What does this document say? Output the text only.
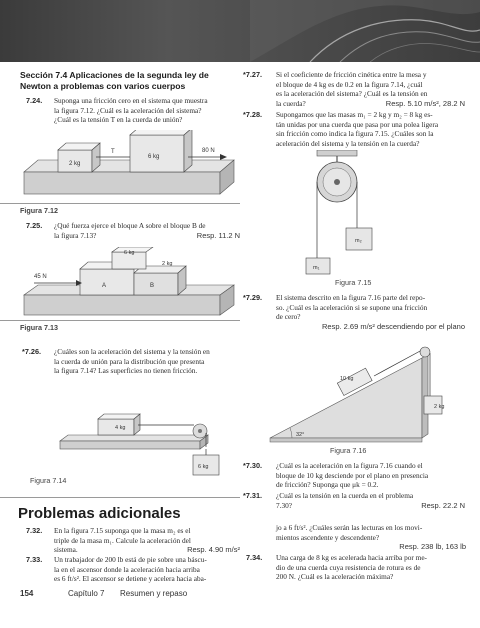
Sección 7.4 Aplicaciones de la segunda ley de
Newton a problemas con varios cuerpos
7.24. Suponga una fricción cero en el sistema que muestra
la figura 7.12. ¿Cuál es la aceleración del sistema?
¿Cuál es la tensión T en la cuerda de unión?
2 kg
6 kg
T	80 N
Figura 7.12
7.25. ¿Qué fuerza ejerce el bloque A sobre el bloque B de
la figura 7.13?	Resp. 11.2 N
45 N
6 kg
2 kg
A	B
Figura 7.13
*7.26. ¿Cuáles son la aceleración del sistema y la tensión en
la cuerda de unión para la distribución que presenta
la figura 7.14? Las superficies no tienen fricción.
4 kg
6 kg
Figura 7.14
*7.27. Si el coeficiente de fricción cinética entre la mesa y
el bloque de 4 kg es de 0.2 en la figura 7.14, ¿cuál
es la aceleración del sistema? ¿Cuál es la tensión en
la cuerda?	Resp. 5.10 m/s², 28.2 N
*7.28. Supongamos que las masas m₁ = 2 kg y m₂ = 8 kg es-
tán unidas por una cuerda que pasa por una polea ligera
sin fricción como indica la figura 7.15. ¿Cuáles son la
aceleración del sistema y la tensión en la cuerda?
m₂
m₁
Figura 7.15
*7.29. El sistema descrito en la figura 7.16 parte del repo-
so. ¿Cuál es la aceleración si se supone una fricción
de cero?
Resp. 2.69 m/s² descendiendo por el plano
10 kg
2 kg
32°
Figura 7.16
*7.30. ¿Cuál es la aceleración en la figura 7.16 cuando el
bloque de 10 kg desciende por el plano en presencia
de fricción? Suponga que μk = 0.2.
*7.31. ¿Cuál es la tensión en la cuerda en el problema
7.30?	Resp. 22.2 N
Problemas adicionales
7.32. En la figura 7.15 suponga que la masa m₂ es el
triple de la masa m₁. Calcule la aceleración del
sistema.	Resp. 4.90 m/s²
7.33. Un trabajador de 200 lb está de pie sobre una báscu-
la en el ascensor donde la aceleración hacia arriba
es 6 ft/s². El ascensor se detiene y acelera hacia aba-
jo a 6 ft/s². ¿Cuáles serán las lecturas en los movi-
mientos ascendente y descendente?
Resp. 238 lb, 163 lb
7.34. Una carga de 8 kg es acelerada hacia arriba por me-
dio de una cuerda cuya resistencia de rotura es de
200 N. ¿Cuál es la aceleración máxima?
154	Capítulo 7 Resumen y repaso
